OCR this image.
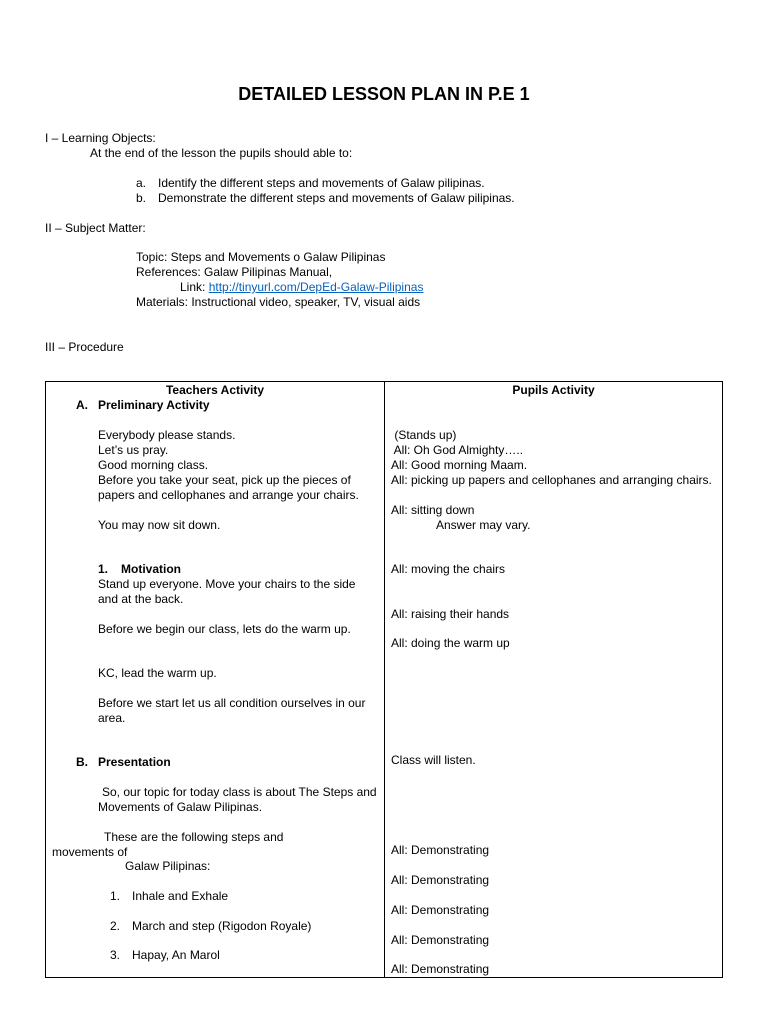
DETAILED LESSON PLAN IN P.E 1
I – Learning Objects:
At the end of the lesson the pupils should able to:
a. Identify the different steps and movements of Galaw pilipinas.
b. Demonstrate the different steps and movements of Galaw pilipinas.
II – Subject Matter:
Topic: Steps and Movements o Galaw Pilipinas
References: Galaw Pilipinas Manual,
Link: http://tinyurl.com/DepEd-Galaw-Pilipinas
Materials: Instructional video, speaker, TV, visual aids
III – Procedure
Teachers Activity	Pupils Activity
A. Preliminary Activity
Everybody please stands.
Let’s us pray.
Good morning class.
Before you take your seat, pick up the pieces of papers and cellophanes and arrange your chairs.
You may now sit down.
(Stands up)
All: Oh God Almighty…..
All: Good morning Maam.
All: picking up papers and cellophanes and arranging chairs.
All: sitting down
Answer may vary.
1. Motivation
Stand up everyone. Move your chairs to the side and at the back.
Before we begin our class, lets do the warm up.
KC, lead the warm up.
Before we start let us all condition ourselves in our area.
All: moving the chairs
All: raising their hands
All: doing the warm up
B. Presentation	Class will listen.
So, our topic for today class is about The Steps and Movements of Galaw Pilipinas.
These are the following steps and
movements of
Galaw Pilipinas:
1. Inhale and Exhale
2. March and step (Rigodon Royale)
3. Hapay, An Marol
All: Demonstrating
All: Demonstrating
All: Demonstrating
All: Demonstrating
All: Demonstrating
